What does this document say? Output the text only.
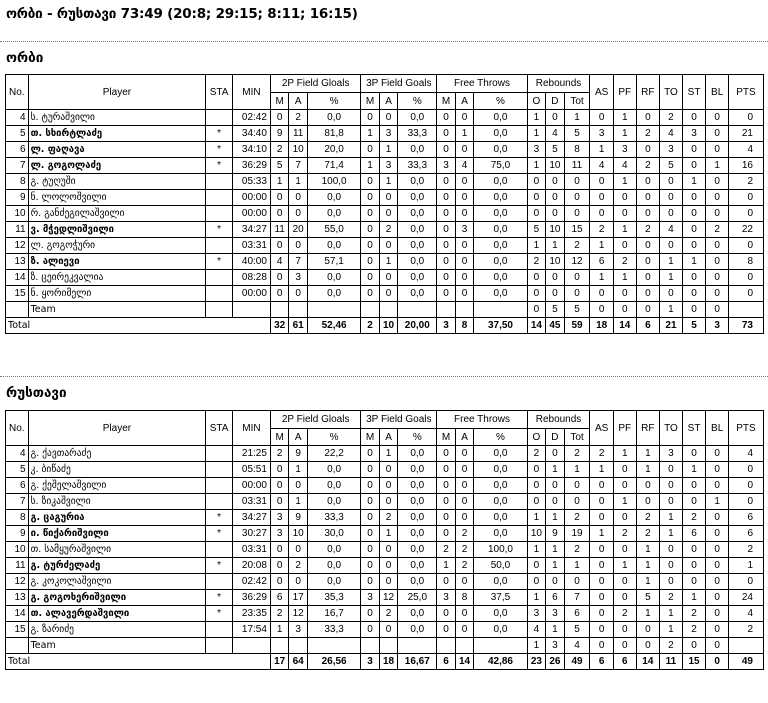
ორბი - რუსთავი 73:49 (20:8; 29:15; 8:11; 16:15)
ორბი
No.	Player	STA	MIN	2P Field Gloals			3P Field Goals			Free Throws			Rebounds			AS	PF	RF	TO	ST	BL	PTS
				M	A	%	M	A	%	M	A	%	O	D	Tot							
4	ს. ტურაშვილი		02:42	0	2	0,0	0	0	0,0	0	0	0,0	1	0	1	0	1	0	2	0	0	0
5	თ. სხირტლაძე	*	34:40	9	11	81,8	1	3	33,3	0	1	0,0	1	4	5	3	1	2	4	3	0	21
6	ლ. ფაღავა	*	34:10	2	10	20,0	0	1	0,0	0	0	0,0	3	5	8	1	3	0	3	0	0	4
7	ლ. გოგოლაძე	*	36:29	5	7	71,4	1	3	33,3	3	4	75,0	1	10	11	4	4	2	5	0	1	16
8	გ. ტუღუში		05:33	1	1	100,0	0	1	0,0	0	0	0,0	0	0	0	0	1	0	0	1	0	2
9	ნ. ლოლოშვილი		00:00	0	0	0,0	0	0	0,0	0	0	0,0	0	0	0	0	0	0	0	0	0	0
10	რ. განძეგილაშვილი		00:00	0	0	0,0	0	0	0,0	0	0	0,0	0	0	0	0	0	0	0	0	0	0
11	ვ. მჭედლიშვილი	*	34:27	11	20	55,0	0	2	0,0	0	3	0,0	5	10	15	2	1	2	4	0	2	22
12	ლ. გოგოჭური		03:31	0	0	0,0	0	0	0,0	0	0	0,0	1	1	2	1	0	0	0	0	0	0
13	ზ. ალიევი	*	40:00	4	7	57,1	0	1	0,0	0	0	0,0	2	10	12	6	2	0	1	1	0	8
14	ზ. ცეირეკვალია		08:28	0	3	0,0	0	0	0,0	0	0	0,0	0	0	0	1	1	0	1	0	0	0
15	ნ. ყორიმელი		00:00	0	0	0,0	0	0	0,0	0	0	0,0	0	0	0	0	0	0	0	0	0	0
	Team												0	5	5	0	0	0	1	0	0	
Total				32	61	52,46	2	10	20,00	3	8	37,50	14	45	59	18	14	6	21	5	3	73
რუსთავი
No.	Player	STA	MIN	2P Field Gloals			3P Field Goals			Free Throws			Rebounds			AS	PF	RF	TO	ST	BL	PTS
				M	A	%	M	A	%	M	A	%	O	D	Tot							
4	გ. ქავთარაძე		21:25	2	9	22,2	0	1	0,0	0	0	0,0	2	0	2	2	1	1	3	0	0	4
5	კ. ბიწაძე		05:51	0	1	0,0	0	0	0,0	0	0	0,0	0	1	1	1	0	1	0	1	0	0
6	გ. ქეშელაშვილი		00:00	0	0	0,0	0	0	0,0	0	0	0,0	0	0	0	0	0	0	0	0	0	0
7	ს. ზიკაშვილი		03:31	0	1	0,0	0	0	0,0	0	0	0,0	0	0	0	0	1	0	0	0	1	0
8	გ. ცაგურია	*	34:27	3	9	33,3	0	2	0,0	0	0	0,0	1	1	2	0	0	2	1	2	0	6
9	ი. წიქარიშვილი	*	30:27	3	10	30,0	0	1	0,0	0	2	0,0	10	9	19	1	2	2	1	6	0	6
10	თ. სამყურაშვილი		03:31	0	0	0,0	0	0	0,0	2	2	100,0	1	1	2	0	0	1	0	0	0	2
11	გ. ტურძელაძე	*	20:08	0	2	0,0	0	0	0,0	1	2	50,0	0	1	1	0	1	1	0	0	0	1
12	გ. კოკოლაშვილი		02:42	0	0	0,0	0	0	0,0	0	0	0,0	0	0	0	0	0	1	0	0	0	0
13	გ. გოგოხერიშვილი	*	36:29	6	17	35,3	3	12	25,0	3	8	37,5	1	6	7	0	0	5	2	1	0	24
14	თ. ალავერდაშვილი	*	23:35	2	12	16,7	0	2	0,0	0	0	0,0	3	3	6	0	2	1	1	2	0	4
15	გ. ზარიძე		17:54	1	3	33,3	0	0	0,0	0	0	0,0	4	1	5	0	0	0	1	2	0	2
	Team												1	3	4	0	0	0	2	0	0	
Total				17	64	26,56	3	18	16,67	6	14	42,86	23	26	49	6	6	14	11	15	0	49
